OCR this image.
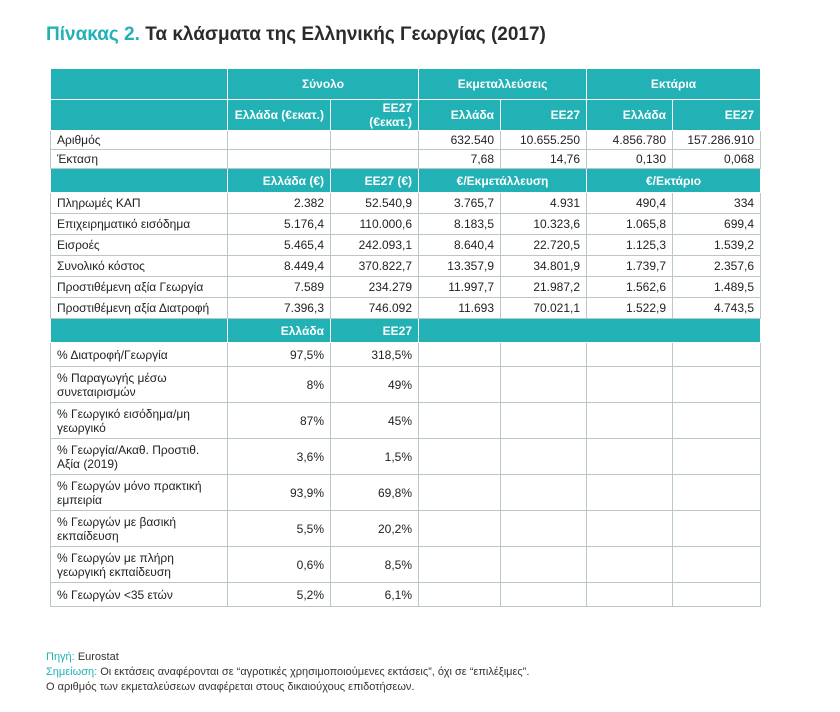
Πίνακας 2. Τα κλάσματα της Ελληνικής Γεωργίας (2017)
	Σύνολο		Εκμεταλλεύσεις		Εκτάρια	
	Ελλάδα (€εκατ.)	ΕΕ27 (€εκατ.)	Ελλάδα	ΕΕ27	Ελλάδα	ΕΕ27
Αριθμός			632.540	10.655.250	4.856.780	157.286.910
Έκταση			7,68	14,76	0,130	0,068
	Ελλάδα (€)	ΕΕ27 (€)	€/Εκμετάλλευση		€/Εκτάριο	
Πληρωμές ΚΑΠ	2.382	52.540,9	3.765,7	4.931	490,4	334
Επιχειρηματικό εισόδημα	5.176,4	110.000,6	8.183,5	10.323,6	1.065,8	699,4
Εισροές	5.465,4	242.093,1	8.640,4	22.720,5	1.125,3	1.539,2
Συνολικό κόστος	8.449,4	370.822,7	13.357,9	34.801,9	1.739,7	2.357,6
Προστιθέμενη αξία Γεωργία	7.589	234.279	11.997,7	21.987,2	1.562,6	1.489,5
Προστιθέμενη αξία Διατροφή	7.396,3	746.092	11.693	70.021,1	1.522,9	4.743,5
	Ελλάδα	ΕΕ27				
% Διατροφή/Γεωργία	97,5%	318,5%				
% Παραγωγής μέσω συνεταιρισμών	8%	49%				
% Γεωργικό εισόδημα/μη γεωργικό	87%	45%				
% Γεωργία/Ακαθ. Προστιθ. Αξία (2019)	3,6%	1,5%				
% Γεωργών μόνο πρακτική εμπειρία	93,9%	69,8%				
% Γεωργών με βασική εκπαίδευση	5,5%	20,2%				
% Γεωργών με πλήρη γεωργική εκπαίδευση	0,6%	8,5%				
% Γεωργών <35 ετών	5,2%	6,1%				
Πηγή: Eurostat
Σημείωση: Οι εκτάσεις αναφέρονται σε “αγροτικές χρησιμοποιούμενες εκτάσεις”, όχι σε “επιλέξιμες”.
Ο αριθμός των εκμεταλεύσεων αναφέρεται στους δικαιούχους επιδοτήσεων.
